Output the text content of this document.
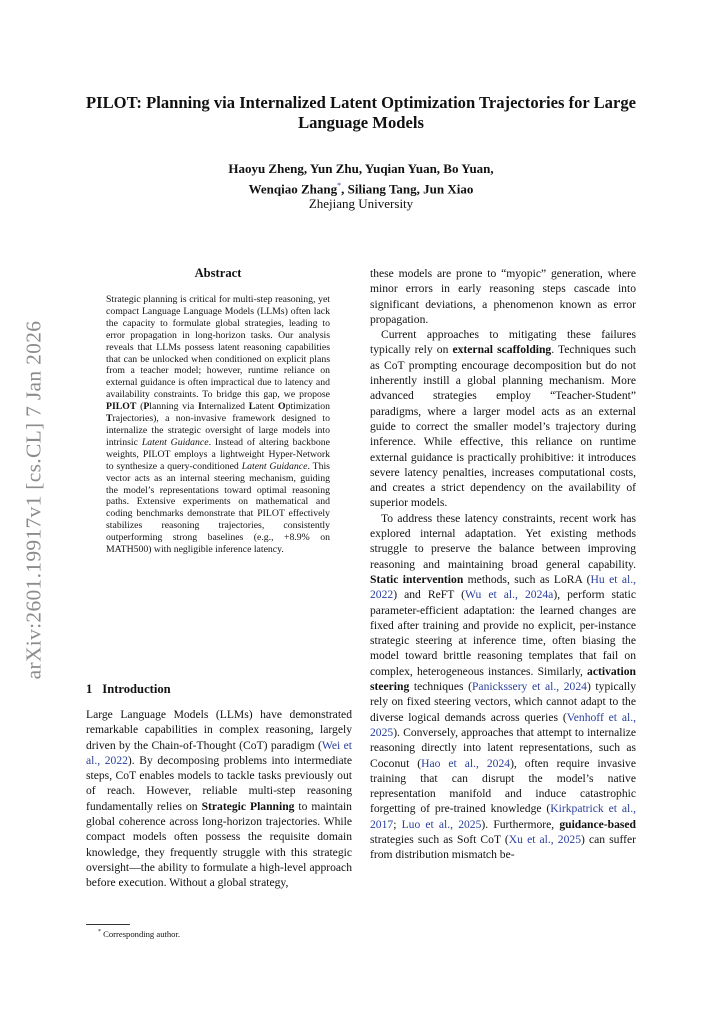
arXiv:2601.19917v1 [cs.CL] 7 Jan 2026
PILOT: Planning via Internalized Latent Optimization Trajectories for Large Language Models
Haoyu Zheng, Yun Zhu, Yuqian Yuan, Bo Yuan,
Wenqiao Zhang*, Siliang Tang, Jun Xiao
Zhejiang University
Abstract
Strategic planning is critical for multi-step reasoning, yet compact Language Language Models (LLMs) often lack the capacity to formulate global strategies, leading to error propagation in long-horizon tasks. Our analysis reveals that LLMs possess latent reasoning capabilities that can be unlocked when conditioned on explicit plans from a teacher model; however, runtime reliance on external guidance is often impractical due to latency and availability constraints. To bridge this gap, we propose PILOT (Planning via Internalized Latent Optimization Trajectories), a non-invasive framework designed to internalize the strategic oversight of large models into intrinsic Latent Guidance. Instead of altering backbone weights, PILOT employs a lightweight Hyper-Network to synthesize a query-conditioned Latent Guidance. This vector acts as an internal steering mechanism, guiding the model’s representations toward optimal reasoning paths. Extensive experiments on mathematical and coding benchmarks demonstrate that PILOT effectively stabilizes reasoning trajectories, consistently outperforming strong baselines (e.g., +8.9% on MATH500) with negligible inference latency.
1 Introduction
Large Language Models (LLMs) have demonstrated remarkable capabilities in complex reasoning, largely driven by the Chain-of-Thought (CoT) paradigm (Wei et al., 2022). By decomposing problems into intermediate steps, CoT enables models to tackle tasks previously out of reach. However, reliable multi-step reasoning fundamentally relies on Strategic Planning to maintain global coherence across long-horizon trajectories. While compact models often possess the requisite domain knowledge, they frequently struggle with this strategic oversight—the ability to formulate a high-level approach before execution. Without a global strategy,
* Corresponding author.

these models are prone to “myopic” generation, where minor errors in early reasoning steps cascade into significant deviations, a phenomenon known as error propagation.

Current approaches to mitigating these failures typically rely on external scaffolding. Techniques such as CoT prompting encourage decomposition but do not inherently instill a global planning mechanism. More advanced strategies employ “Teacher-Student” paradigms, where a larger model acts as an external guide to correct the smaller model’s trajectory during inference. While effective, this reliance on runtime external guidance is practically prohibitive: it introduces severe latency penalties, increases computational costs, and creates a strict dependency on the availability of superior models.

To address these latency constraints, recent work has explored internal adaptation. Yet existing methods struggle to preserve the balance between improving reasoning and maintaining broad general capability. Static intervention methods, such as LoRA (Hu et al., 2022) and ReFT (Wu et al., 2024a), perform static parameter-efficient adaptation: the learned changes are fixed after training and provide no explicit, per-instance strategic steering at inference time, often biasing the model toward brittle reasoning templates that fail on complex, heterogeneous instances. Similarly, activation steering techniques (Panickssery et al., 2024) typically rely on fixed steering vectors, which cannot adapt to the diverse logical demands across queries (Venhoff et al., 2025). Conversely, approaches that attempt to internalize reasoning directly into latent representations, such as Coconut (Hao et al., 2024), often require invasive training that can disrupt the model’s native representation manifold and induce catastrophic forgetting of pre-trained knowledge (Kirkpatrick et al., 2017; Luo et al., 2025). Furthermore, guidance-based strategies such as Soft CoT (Xu et al., 2025) can suffer from distribution mismatch be-
